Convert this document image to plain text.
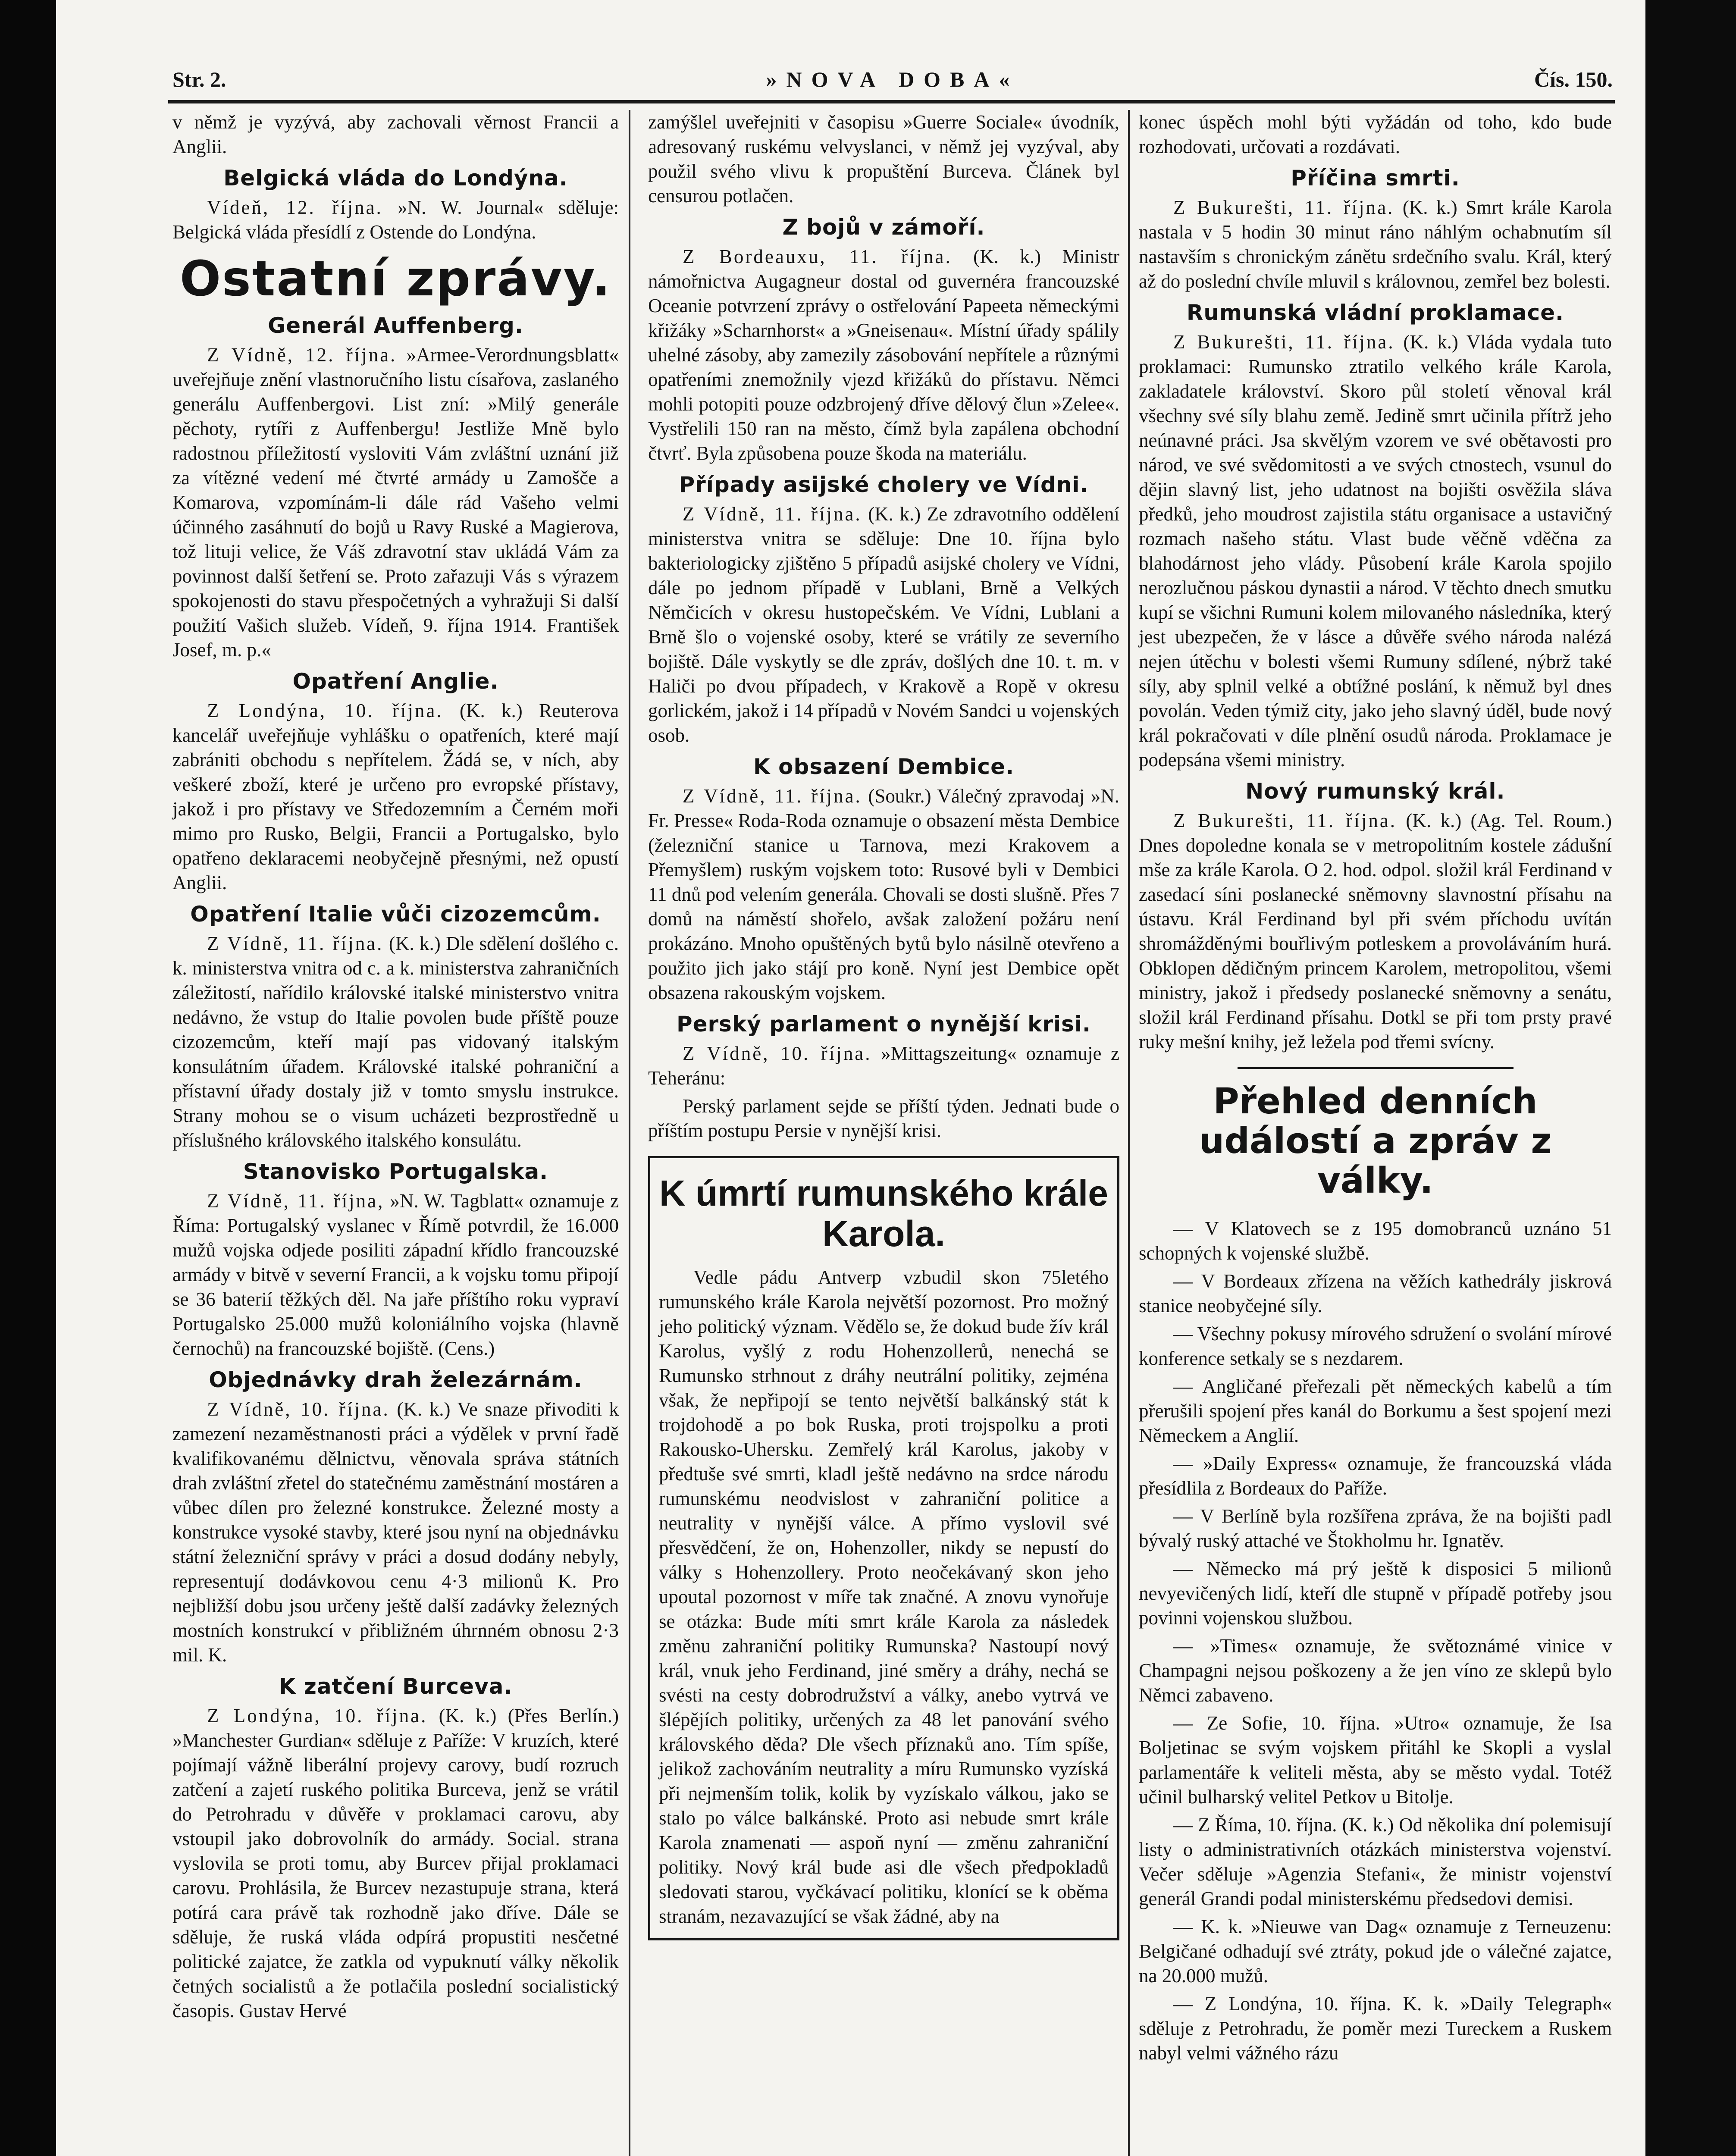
»NOVA DOBA«
Str. 2.	Čís. 150.

v němž je vyzývá, aby zachovali věrnost Francii a Anglii.

Belgická vláda do Londýna.

Vídeň, 12. října. »N. W. Journal« sděluje: Belgická vláda přesídlí z Ostende do Londýna.

Ostatní zprávy.
Generál Auffenberg.

Z Vídně, 12. října. »Armee-Verordnungsblatt« uveřejňuje znění vlastnoručního listu císařova, zaslaného generálu Auffenbergovi. List zní: »Milý generále pěchoty, rytíři z Auffenbergu! Jestliže Mně bylo radostnou příležitostí vysloviti Vám zvláštní uznání již za vítězné vedení mé čtvrté armády u Zamošče a Komarova, vzpomínám-li dále rád Vašeho velmi účinného zasáhnutí do bojů u Ravy Ruské a Magierova, tož lituji velice, že Váš zdravotní stav ukládá Vám za povinnost další šetření se. Proto zařazuji Vás s výrazem spokojenosti do stavu přespočetných a vyhražuji Si další použití Vašich služeb. Vídeň, 9. října 1914. František Josef, m. p.«

Opatření Anglie.

Z Londýna, 10. října. (K. k.) Reuterova kancelář uveřejňuje vyhlášku o opatřeních, které mají zabrániti obchodu s nepřítelem. Žádá se, v ních, aby veškeré zboží, které je určeno pro evropské přístavy, jakož i pro přístavy ve Středozemním a Černém moři mimo pro Rusko, Belgii, Francii a Portugalsko, bylo opatřeno deklaracemi neobyčejně přesnými, než opustí Anglii.

Opatření Italie vůči cizozemcům.

Z Vídně, 11. října. (K. k.) Dle sdělení došlého c. k. ministerstva vnitra od c. a k. ministerstva zahraničních záležitostí, nařídilo královské italské ministerstvo vnitra nedávno, že vstup do Italie povolen bude příště pouze cizozemcům, kteří mají pas vidovaný italským konsulátním úřadem. Královské italské pohraniční a přístavní úřady dostaly již v tomto smyslu instrukce. Strany mohou se o visum ucházeti bezprostředně u příslušného královského italského konsulátu.

Stanovisko Portugalska.

Z Vídně, 11. října, »N. W. Tagblatt« oznamuje z Říma: Portugalský vyslanec v Římě potvrdil, že 16.000 mužů vojska odjede posiliti západní křídlo francouzské armády v bitvě v severní Francii, a k vojsku tomu připojí se 36 baterií těžkých děl. Na jaře příštího roku vypraví Portugalsko 25.000 mužů koloniálního vojska (hlavně černochů) na francouzské bojiště. (Cens.)

Objednávky drah železárnám.

Z Vídně, 10. října. (K. k.) Ve snaze přivoditi k zamezení nezaměstnanosti práci a výdělek v první řadě kvalifikovanému dělnictvu, věnovala správa státních drah zvláštní zřetel do statečnému zaměstnání mostáren a vůbec dílen pro železné konstrukce. Železné mosty a konstrukce vysoké stavby, které jsou nyní na objednávku státní železniční správy v práci a dosud dodány nebyly, representují dodávkovou cenu 4·3 milionů K. Pro nejbližší dobu jsou určeny ještě další zadávky železných mostních konstrukcí v přibližném úhrnném obnosu 2·3 mil. K.

K zatčení Burceva.

Z Londýna, 10. října. (K. k.) (Přes Berlín.) »Manchester Gurdian« sděluje z Paříže: V kruzích, které pojímají vážně liberální projevy carovy, budí rozruch zatčení a zajetí ruského politika Burceva, jenž se vrátil do Petrohradu v důvěře v proklamaci carovu, aby vstoupil jako dobrovolník do armády. Social. strana vyslovila se proti tomu, aby Burcev přijal proklamaci carovu. Prohlásila, že Burcev nezastupuje strana, která potírá cara právě tak rozhodně jako dříve. Dále se sděluje, že ruská vláda odpírá propustiti nesčetné politické zajatce, že zatkla od vypuknutí války několik četných socialistů a že potlačila poslední socialistický časopis. Gustav Hervé

zamýšlel uveřejniti v časopisu »Guerre Sociale« úvodník, adresovaný ruskému velvyslanci, v němž jej vyzýval, aby použil svého vlivu k propuštění Burceva. Článek byl censurou potlačen.

Z bojů v zámoří.

Z Bordeauxu, 11. října. (K. k.) Ministr námořnictva Augagneur dostal od guvernéra francouzské Oceanie potvrzení zprávy o ostřelování Papeeta německými křižáky »Scharnhorst« a »Gneisenau«. Místní úřady spálily uhelné zásoby, aby zamezily zásobování nepřítele a různými opatřeními znemožnily vjezd křižáků do přístavu. Němci mohli potopiti pouze odzbrojený dříve dělový člun »Zelee«. Vystřelili 150 ran na město, čímž byla zapálena obchodní čtvrť. Byla způsobena pouze škoda na materiálu.

Případy asijské cholery ve Vídni.

Z Vídně, 11. října. (K. k.) Ze zdravotního oddělení ministerstva vnitra se sděluje: Dne 10. října bylo bakteriologicky zjištěno 5 případů asijské cholery ve Vídni, dále po jednom případě v Lublani, Brně a Velkých Němčicích v okresu hustopečském. Ve Vídni, Lublani a Brně šlo o vojenské osoby, které se vrátily ze severního bojiště. Dále vyskytly se dle zpráv, došlých dne 10. t. m. v Haliči po dvou případech, v Krakově a Ropě v okresu gorlickém, jakož i 14 případů v Novém Sandci u vojenských osob.

K obsazení Dembice.

Z Vídně, 11. října. (Soukr.) Válečný zpravodaj »N. Fr. Presse« Roda-Roda oznamuje o obsazení města Dembice (železniční stanice u Tarnova, mezi Krakovem a Přemyšlem) ruským vojskem toto: Rusové byli v Dembici 11 dnů pod velením generála. Chovali se dosti slušně. Přes 7 domů na náměstí shořelo, avšak založení požáru není prokázáno. Mnoho opuštěných bytů bylo násilně otevřeno a použito jich jako stájí pro koně. Nyní jest Dembice opět obsazena rakouským vojskem.

Perský parlament o nynější krisi.

Z Vídně, 10. října. »Mittagszeitung« oznamuje z Teheránu:

Perský parlament sejde se příští týden. Jednati bude o příštím postupu Persie v nynější krisi.

K úmrtí rumunského krále Karola.

Vedle pádu Antverp vzbudil skon 75letého rumunského krále Karola největší pozornost. Pro možný jeho politický význam. Vědělo se, že dokud bude žív král Karolus, vyšlý z rodu Hohenzollerů, nenechá se Rumunsko strhnout z dráhy neutrální politiky, zejména však, že nepřipojí se tento největší balkánský stát k trojdohodě a po bok Ruska, proti trojspolku a proti Rakousko-Uhersku. Zemřelý král Karolus, jakoby v předtuše své smrti, kladl ještě nedávno na srdce národu rumunskému neodvislost v zahraniční politice a neutrality v nynější válce. A přímo vyslovil své přesvědčení, že on, Hohenzoller, nikdy se nepustí do války s Hohenzollery. Proto neočekávaný skon jeho upoutal pozornost v míře tak značné. A znovu vynořuje se otázka: Bude míti smrt krále Karola za následek změnu zahraniční politiky Rumunska? Nastoupí nový král, vnuk jeho Ferdinand, jiné směry a dráhy, nechá se svésti na cesty dobrodružství a války, anebo vytrvá ve šlépějích politiky, určených za 48 let panování svého královského děda? Dle všech příznaků ano. Tím spíše, jelikož zachováním neutrality a míru Rumunsko vyzíská při nejmenším tolik, kolik by vyzískalo válkou, jako se stalo po válce balkánské. Proto asi nebude smrt krále Karola znamenati — aspoň nyní — změnu zahraniční politiky. Nový král bude asi dle všech předpokladů sledovati starou, vyčkávací politiku, klonící se k oběma stranám, nezavazující se však žádné, aby na

konec úspěch mohl býti vyžádán od toho, kdo bude rozhodovati, určovati a rozdávati.

Příčina smrti.

Z Bukurešti, 11. října. (K. k.) Smrt krále Karola nastala v 5 hodin 30 minut ráno náhlým ochabnutím síl nastavším s chronickým zánětu srdečního svalu. Král, který až do poslední chvíle mluvil s královnou, zemřel bez bolesti.

Rumunská vládní proklamace.

Z Bukurešti, 11. října. (K. k.) Vláda vydala tuto proklamaci: Rumunsko ztratilo velkého krále Karola, zakladatele království. Skoro půl století věnoval král všechny své síly blahu země. Jedině smrt učinila přítrž jeho neúnavné práci. Jsa skvělým vzorem ve své obětavosti pro národ, ve své svědomitosti a ve svých ctnostech, vsunul do dějin slavný list, jeho udatnost na bojišti osvěžila sláva předků, jeho moudrost zajistila státu organisace a ustavičný rozmach našeho státu. Vlast bude věčně vděčna za blahodárnost jeho vlády. Působení krále Karola spojilo nerozlučnou páskou dynastii a národ. V těchto dnech smutku kupí se všichni Rumuni kolem milovaného následníka, který jest ubezpečen, že v lásce a důvěře svého národa nalézá nejen útěchu v bolesti všemi Rumuny sdílené, nýbrž také síly, aby splnil velké a obtížné poslání, k němuž byl dnes povolán. Veden týmiž city, jako jeho slavný úděl, bude nový král pokračovati v díle plnění osudů národa. Proklamace je podepsána všemi ministry.

Nový rumunský král.

Z Bukurešti, 11. října. (K. k.) (Ag. Tel. Roum.) Dnes dopoledne konala se v metropolitním kostele zádušní mše za krále Karola. O 2. hod. odpol. složil král Ferdinand v zasedací síni poslanecké sněmovny slavnostní přísahu na ústavu. Král Ferdinand byl při svém příchodu uvítán shromážděnými bouřlivým potleskem a provoláváním hurá. Obklopen dědičným princem Karolem, metropolitou, všemi ministry, jakož i předsedy poslanecké sněmovny a senátu, složil král Ferdinand přísahu. Dotkl se při tom prsty pravé ruky mešní knihy, jež ležela pod třemi svícny.

Přehled denních událostí a zpráv z války.

— V Klatovech se z 195 domobranců uznáno 51 schopných k vojenské službě.

— V Bordeaux zřízena na věžích kathedrály jiskrová stanice neobyčejné síly.

— Všechny pokusy mírového sdružení o svolání mírové konference setkaly se s nezdarem.

— Angličané přeřezali pět německých kabelů a tím přerušili spojení přes kanál do Borkumu a šest spojení mezi Německem a Anglií.

— »Daily Express« oznamuje, že francouzská vláda přesídlila z Bordeaux do Paříže.

— V Berlíně byla rozšířena zpráva, že na bojišti padl bývalý ruský attaché ve Štokholmu hr. Ignatěv.

— Německo má prý ještě k disposici 5 milionů nevyevičených lidí, kteří dle stupně v případě potřeby jsou povinni vojenskou službou.

— »Times« oznamuje, že světoznámé vinice v Champagni nejsou poškozeny a že jen víno ze sklepů bylo Němci zabaveno.

— Ze Sofie, 10. října. »Utro« oznamuje, že Isa Boljetinac se svým vojskem přitáhl ke Skopli a vyslal parlamentáře k veliteli města, aby se město vydal. Totéž učinil bulharský velitel Petkov u Bitolje.

— Z Říma, 10. října. (K. k.) Od několika dní polemisují listy o administrativních otázkách ministerstva vojenství. Večer sděluje »Agenzia Stefani«, že ministr vojenství generál Grandi podal ministerskému předsedovi demisi.

— K. k. »Nieuwe van Dag« oznamuje z Terneuzenu: Belgičané odhadují své ztráty, pokud jde o válečné zajatce, na 20.000 mužů.

— Z Londýna, 10. října. K. k. »Daily Telegraph« sděluje z Petrohradu, že poměr mezi Tureckem a Ruskem nabyl velmi vážného rázu
